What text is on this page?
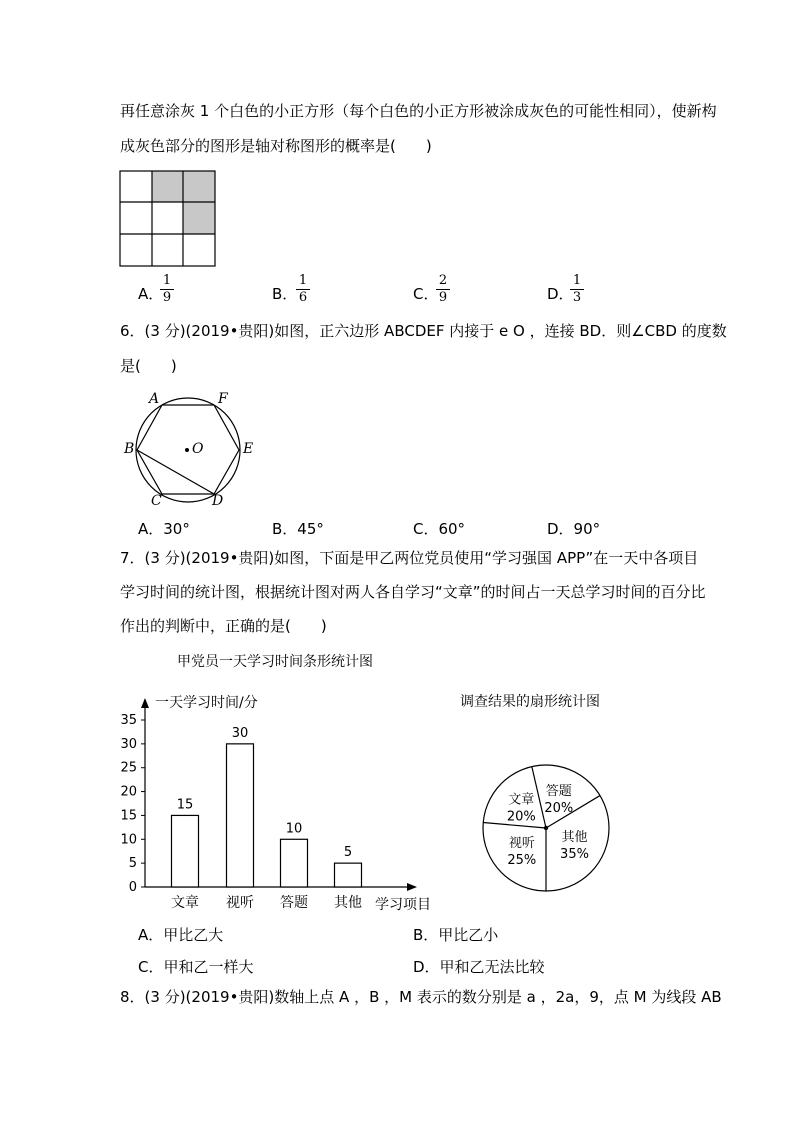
再任意涂灰 1 个白色的小正方形（每个白色的小正方形被涂成灰色的可能性相同），使新构
成灰色部分的图形是轴对称图形的概率是(　　)
A．
1
9	B．
1
6	C．
2
9	D．
1
3
6．(3 分)(2019•贵阳)如图，正六边形 ABCDEF 内接于 e O ，连接 BD．则∠CBD 的度数
是(　　)
A	F
B	E
C	D
O
A．30°	B．45°	C．60°	D．90°
7．(3 分)(2019•贵阳)如图，下面是甲乙两位党员使用“学习强国 APP”在一天中各项目
学习时间的统计图，根据统计图对两人各自学习“文章”的时间占一天总学习时间的百分比
作出的判断中，正确的是(　　)
甲党员一天学习时间条形统计图
一天学习时间/分
0
5
10
15
20
25
30
35
15
文章
30
视听
10
答题
5
其他 学习项目
调查结果的扇形统计图
文章
20%
答题
20%
其他
35%
视听
25%
A．甲比乙大	B．甲比乙小
C．甲和乙一样大	D．甲和乙无法比较
8．(3 分)(2019•贵阳)数轴上点 A ，B ，M 表示的数分别是 a ，2a，9，点 M 为线段 AB
